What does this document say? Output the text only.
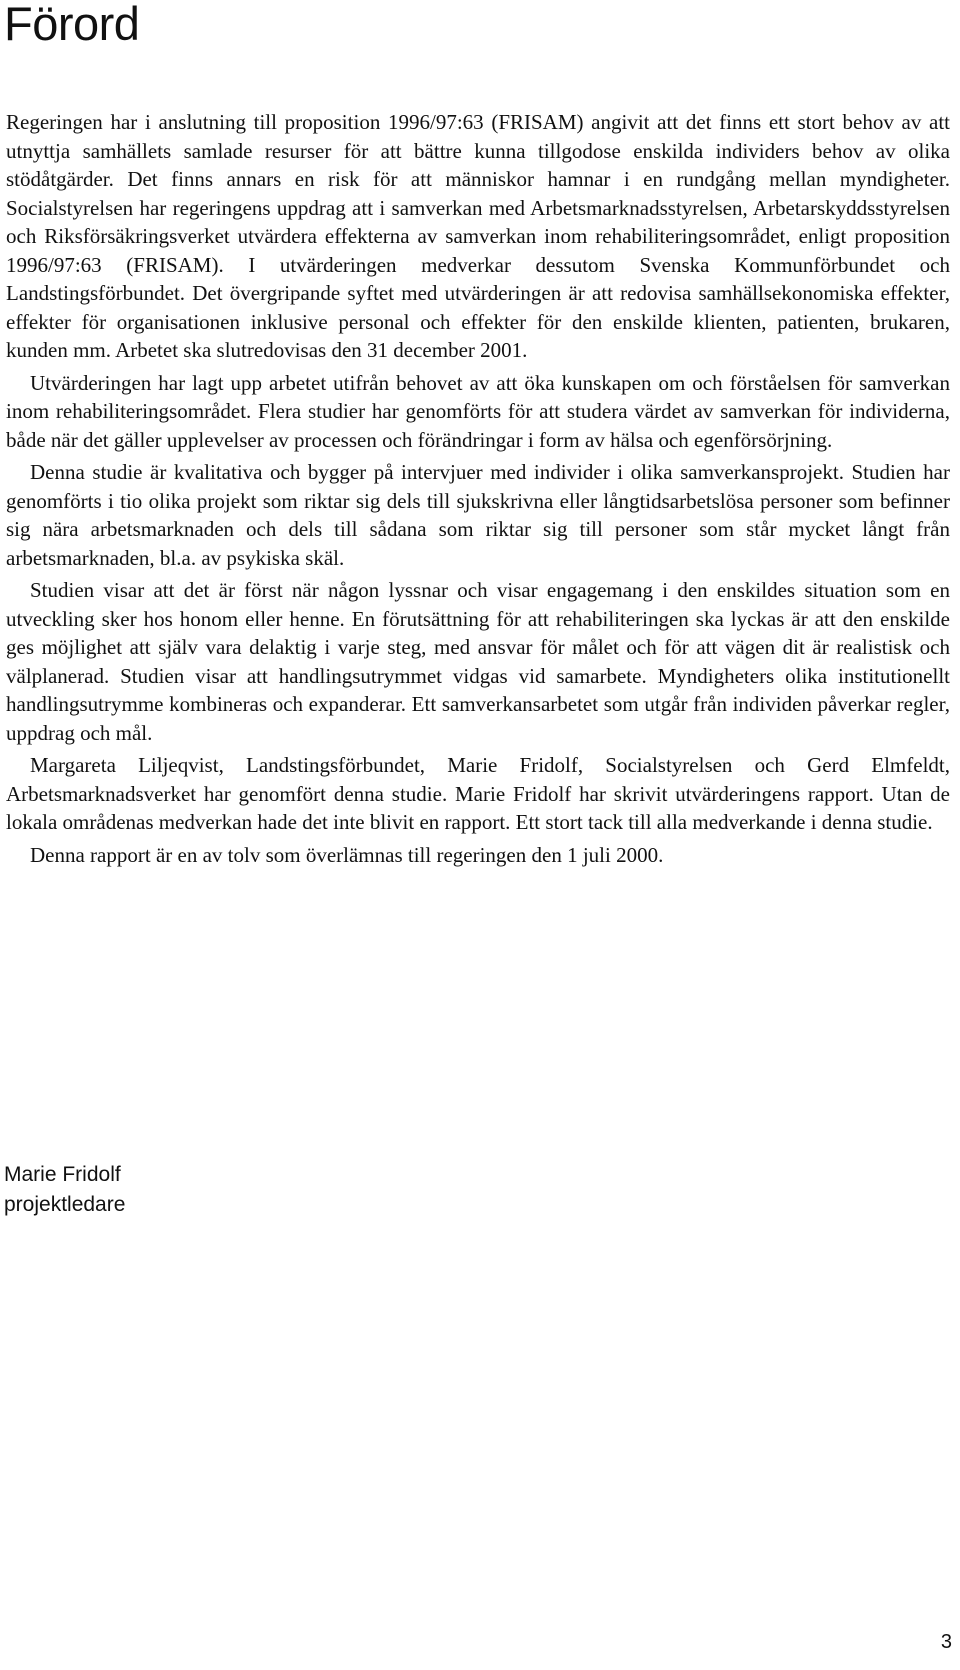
Förord

Regeringen har i anslutning till proposition 1996/97:63 (FRISAM) angivit att det finns ett stort behov av att utnyttja samhällets samlade resurser för att bättre kunna tillgodose enskilda individers behov av olika stödåtgärder. Det finns annars en risk för att människor hamnar i en rundgång mellan myndigheter. Socialstyrelsen har regeringens uppdrag att i samverkan med Arbetsmarknadsstyrelsen, Arbetarskyddsstyrelsen och Riksförsäkringsverket utvärdera effekterna av samverkan inom rehabiliteringsområdet, enligt proposition 1996/97:63 (FRISAM). I utvärderingen medverkar dessutom Svenska Kommunförbundet och Landstingsförbundet. Det övergripande syftet med utvärderingen är att redovisa samhällsekonomiska effekter, effekter för organisationen inklusive personal och effekter för den enskilde klienten, patienten, brukaren, kunden mm. Arbetet ska slutredovisas den 31 december 2001.

Utvärderingen har lagt upp arbetet utifrån behovet av att öka kunskapen om och förståelsen för samverkan inom rehabiliteringsområdet. Flera studier har genomförts för att studera värdet av samverkan för individerna, både när det gäller upplevelser av processen och förändringar i form av hälsa och egenförsörjning.

Denna studie är kvalitativa och bygger på intervjuer med individer i olika samverkansprojekt. Studien har genomförts i tio olika projekt som riktar sig dels till sjukskrivna eller långtidsarbetslösa personer som befinner sig nära arbetsmarknaden och dels till sådana som riktar sig till personer som står mycket långt från arbetsmarknaden, bl.a. av psykiska skäl.

Studien visar att det är först när någon lyssnar och visar engagemang i den enskildes situation som en utveckling sker hos honom eller henne. En förutsättning för att rehabiliteringen ska lyckas är att den enskilde ges möjlighet att själv vara delaktig i varje steg, med ansvar för målet och för att vägen dit är realistisk och välplanerad. Studien visar att handlingsutrymmet vidgas vid samarbete. Myndigheters olika institutionellt handlingsutrymme kombineras och expanderar. Ett samverkansarbetet som utgår från individen påverkar regler, uppdrag och mål.

Margareta Liljeqvist, Landstingsförbundet, Marie Fridolf, Socialstyrelsen och Gerd Elmfeldt, Arbetsmarknadsverket har genomfört denna studie. Marie Fridolf har skrivit utvärderingens rapport. Utan de lokala områdenas medverkan hade det inte blivit en rapport. Ett stort tack till alla medverkande i denna studie.

Denna rapport är en av tolv som överlämnas till regeringen den 1 juli 2000.

Marie Fridolf
projektledare
3
